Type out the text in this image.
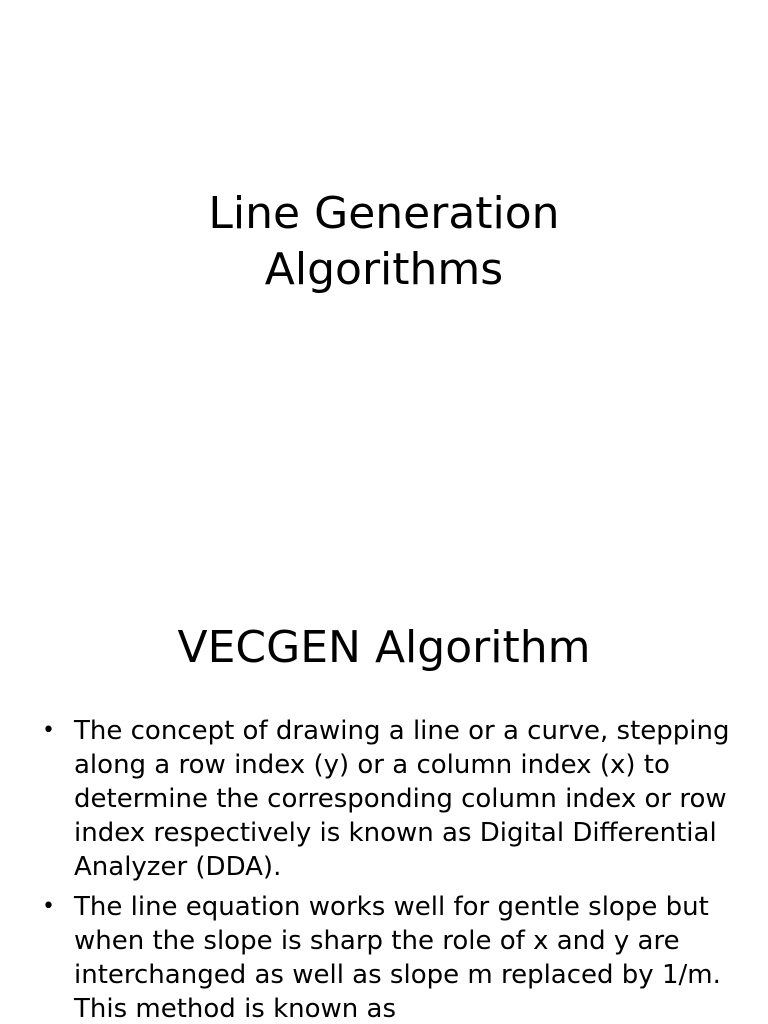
Line Generation
Algorithms
VECGEN Algorithm
• The concept of drawing a line or a curve, stepping along a row index (y) or a column index (x) to determine the corresponding column index or row index respectively is known as Digital Differential Analyzer (DDA).
• The line equation works well for gentle slope but when the slope is sharp the role of x and y are interchanged as well as slope m replaced by 1/m. This method is known as
